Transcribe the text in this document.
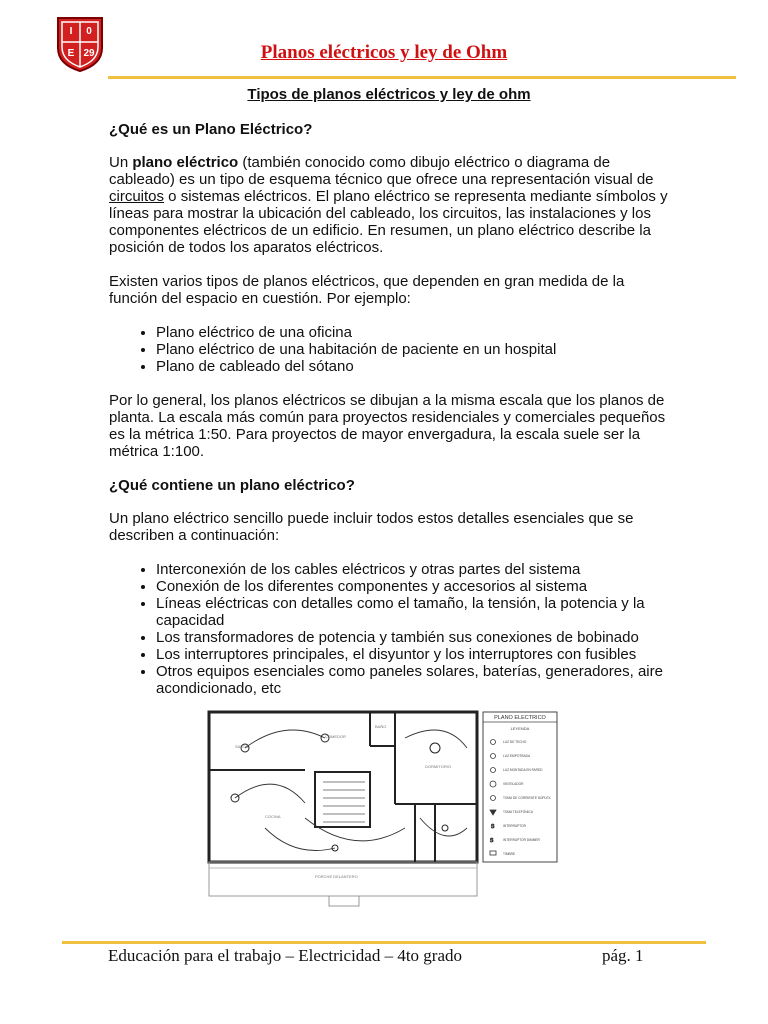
I 0
E 29	Planos eléctricos y ley de Ohm
Tipos de planos eléctricos y ley de ohm
¿Qué es un Plano Eléctrico?

Un plano eléctrico (también conocido como dibujo eléctrico o diagrama de cableado) es un tipo de esquema técnico que ofrece una representación visual de circuitos o sistemas eléctricos. El plano eléctrico se representa mediante símbolos y líneas para mostrar la ubicación del cableado, los circuitos, las instalaciones y los componentes eléctricos de un edificio. En resumen, un plano eléctrico describe la posición de todos los aparatos eléctricos.

Existen varios tipos de planos eléctricos, que dependen en gran medida de la función del espacio en cuestión. Por ejemplo:

• Plano eléctrico de una oficina
• Plano eléctrico de una habitación de paciente en un hospital
• Plano de cableado del sótano

Por lo general, los planos eléctricos se dibujan a la misma escala que los planos de planta. La escala más común para proyectos residenciales y comerciales pequeños es la métrica 1:50. Para proyectos de mayor envergadura, la escala suele ser la métrica 1:100.

¿Qué contiene un plano eléctrico?

Un plano eléctrico sencillo puede incluir todos estos detalles esenciales que se describen a continuación:

• Interconexión de los cables eléctricos y otras partes del sistema
• Conexión de los diferentes componentes y accesorios al sistema
• Líneas eléctricas con detalles como el tamaño, la tensión, la potencia y la capacidad
• Los transformadores de potencia y también sus conexiones de bobinado
• Los interruptores principales, el disyuntor y los interruptores con fusibles
• Otros equipos esenciales como paneles solares, baterías, generadores, aire acondicionado, etc
COCINA
BAÑO
SALÓN
DORMITORIO
COMEDOR
PORCHE DELANTERO
PLANO ELECTRICO
LEYENDA
LUZ DE TECHO
LUZ EMPOTRADA
LUZ MONTADA EN PARED
VENTILADOR
TOMA DE CORRIENTE DÚPLEX
TOMA TELEFÓNICA
INTERRUPTOR
INTERRUPTOR DIMMER
TIMBRE
S
S
Educación para el trabajo – Electricidad – 4to grado	pág. 1
